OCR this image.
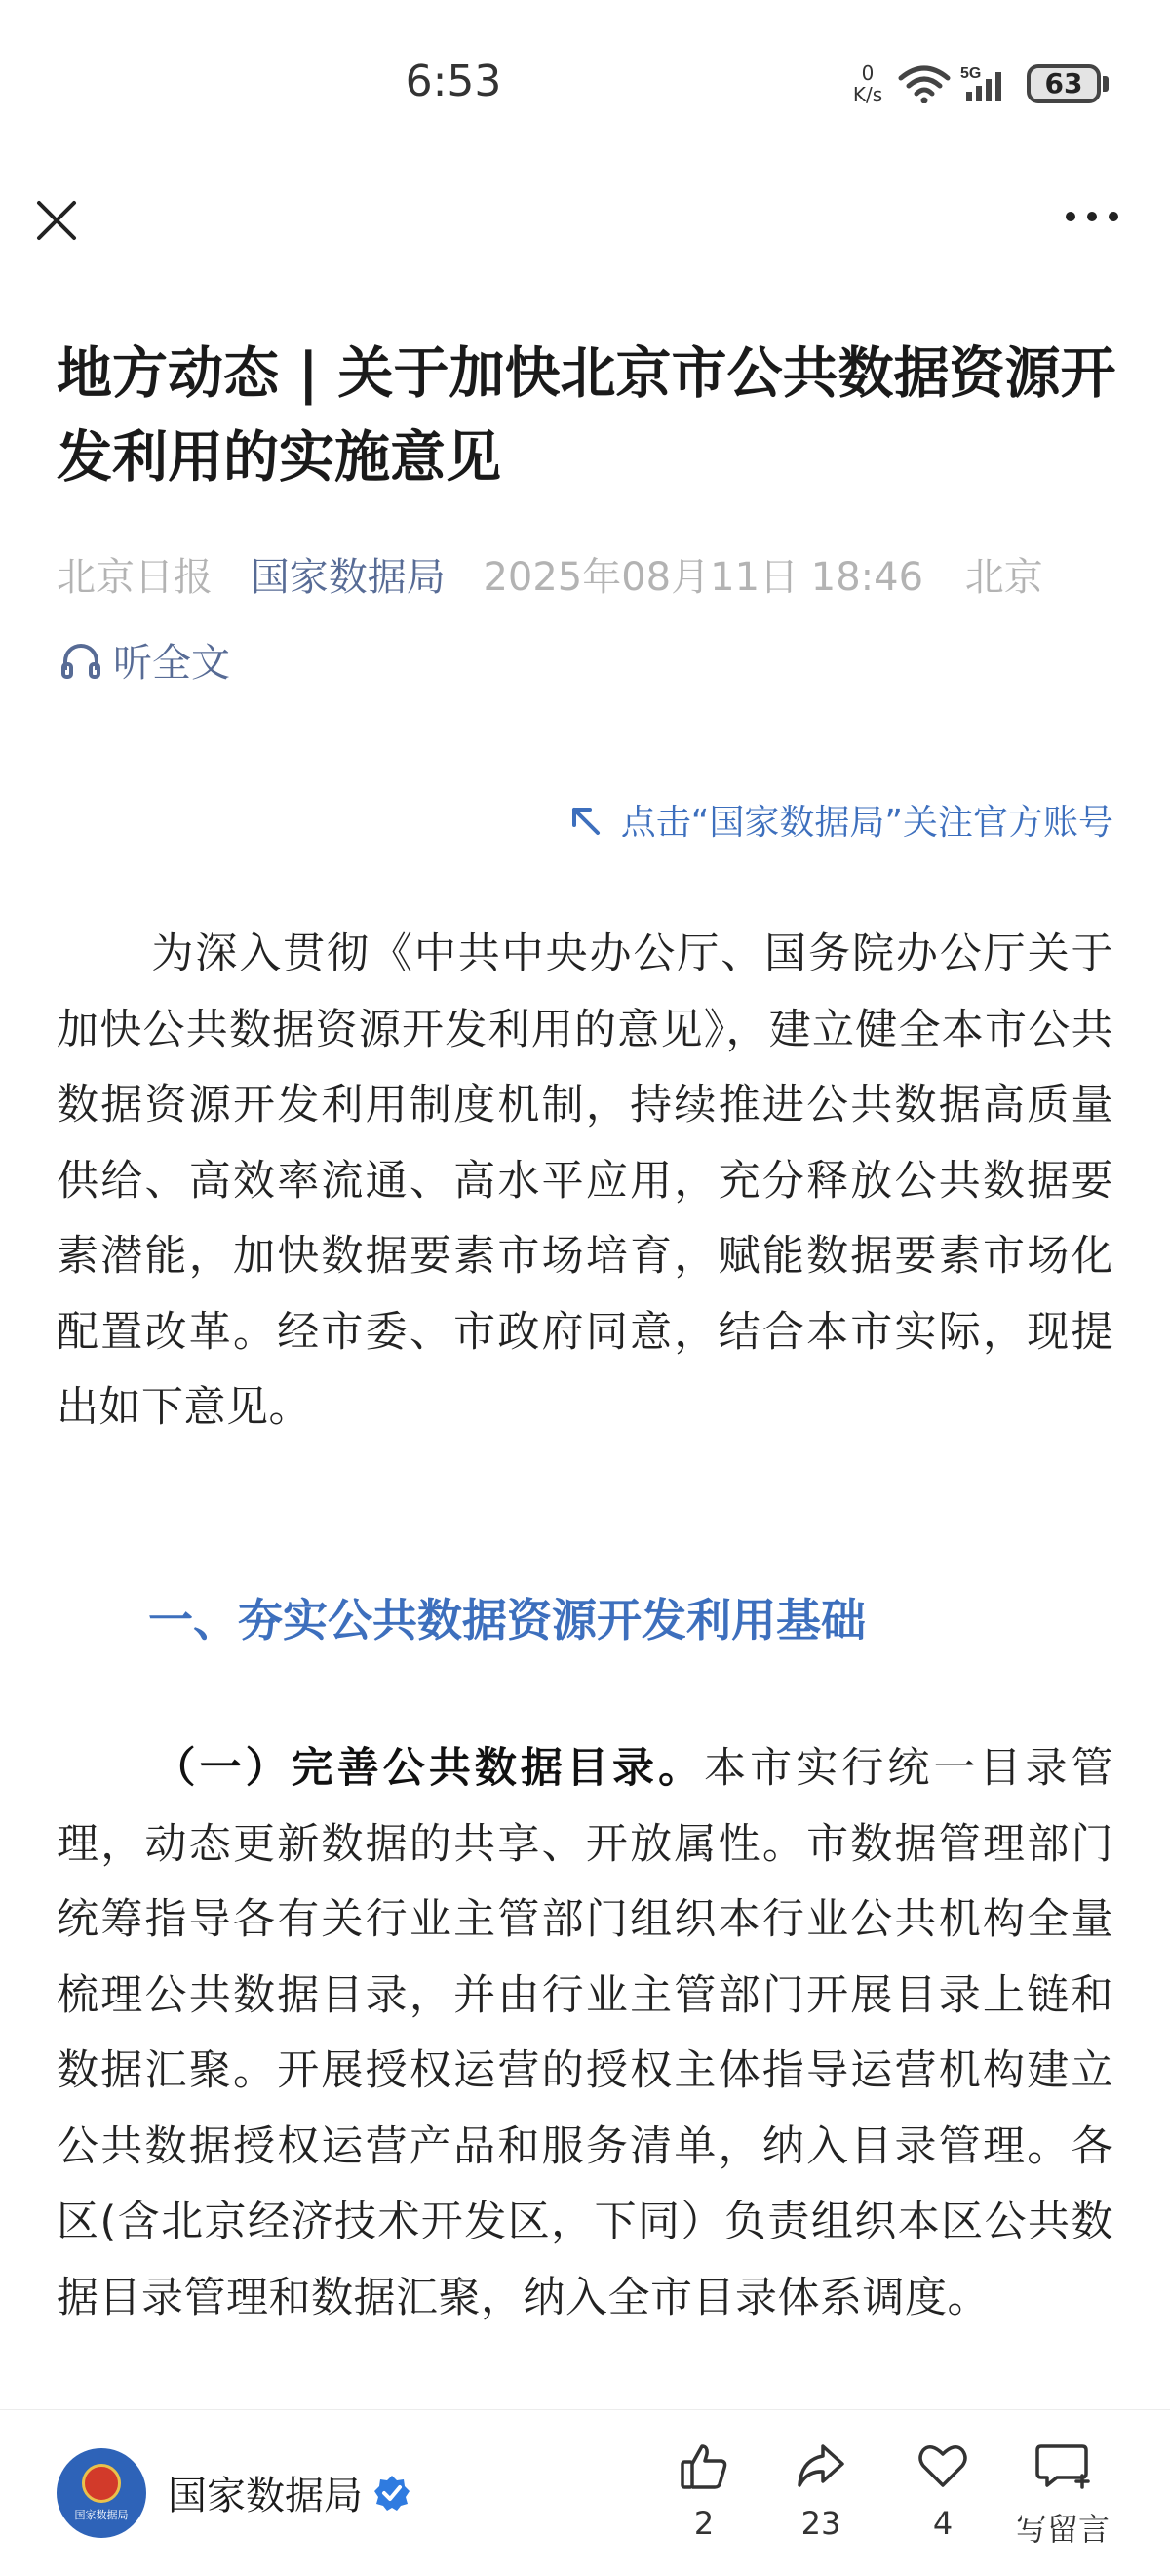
6:53	0
K/s
5G	63
地方动态 | 关于加快北京市公共数据资源开发利用的实施意见
北京日报 国家数据局 2025年08月11日 18:46 北京
听全文
点击“国家数据局”关注官方账号

为深入贯彻《中共中央办公厅、国务院办公厅关于加快公共数据资源开发利用的意见》，建立健全本市公共数据资源开发利用制度机制，持续推进公共数据高质量供给、高效率流通、高水平应用，充分释放公共数据要素潜能，加快数据要素市场培育，赋能数据要素市场化配置改革。经市委、市政府同意，结合本市实际，现提出如下意见。

一、夯实公共数据资源开发利用基础

（一）完善公共数据目录。本市实行统一目录管理，动态更新数据的共享、开放属性。市数据管理部门统筹指导各有关行业主管部门组织本行业公共机构全量梳理公共数据目录，并由行业主管部门开展目录上链和数据汇聚。开展授权运营的授权主体指导运营机构建立公共数据授权运营产品和服务清单，纳入目录管理。各区(含北京经济技术开发区，下同）负责组织本区公共数据目录管理和数据汇聚，纳入全市目录体系调度。

国家数据局 国家数据局
2	23	4	写留言
